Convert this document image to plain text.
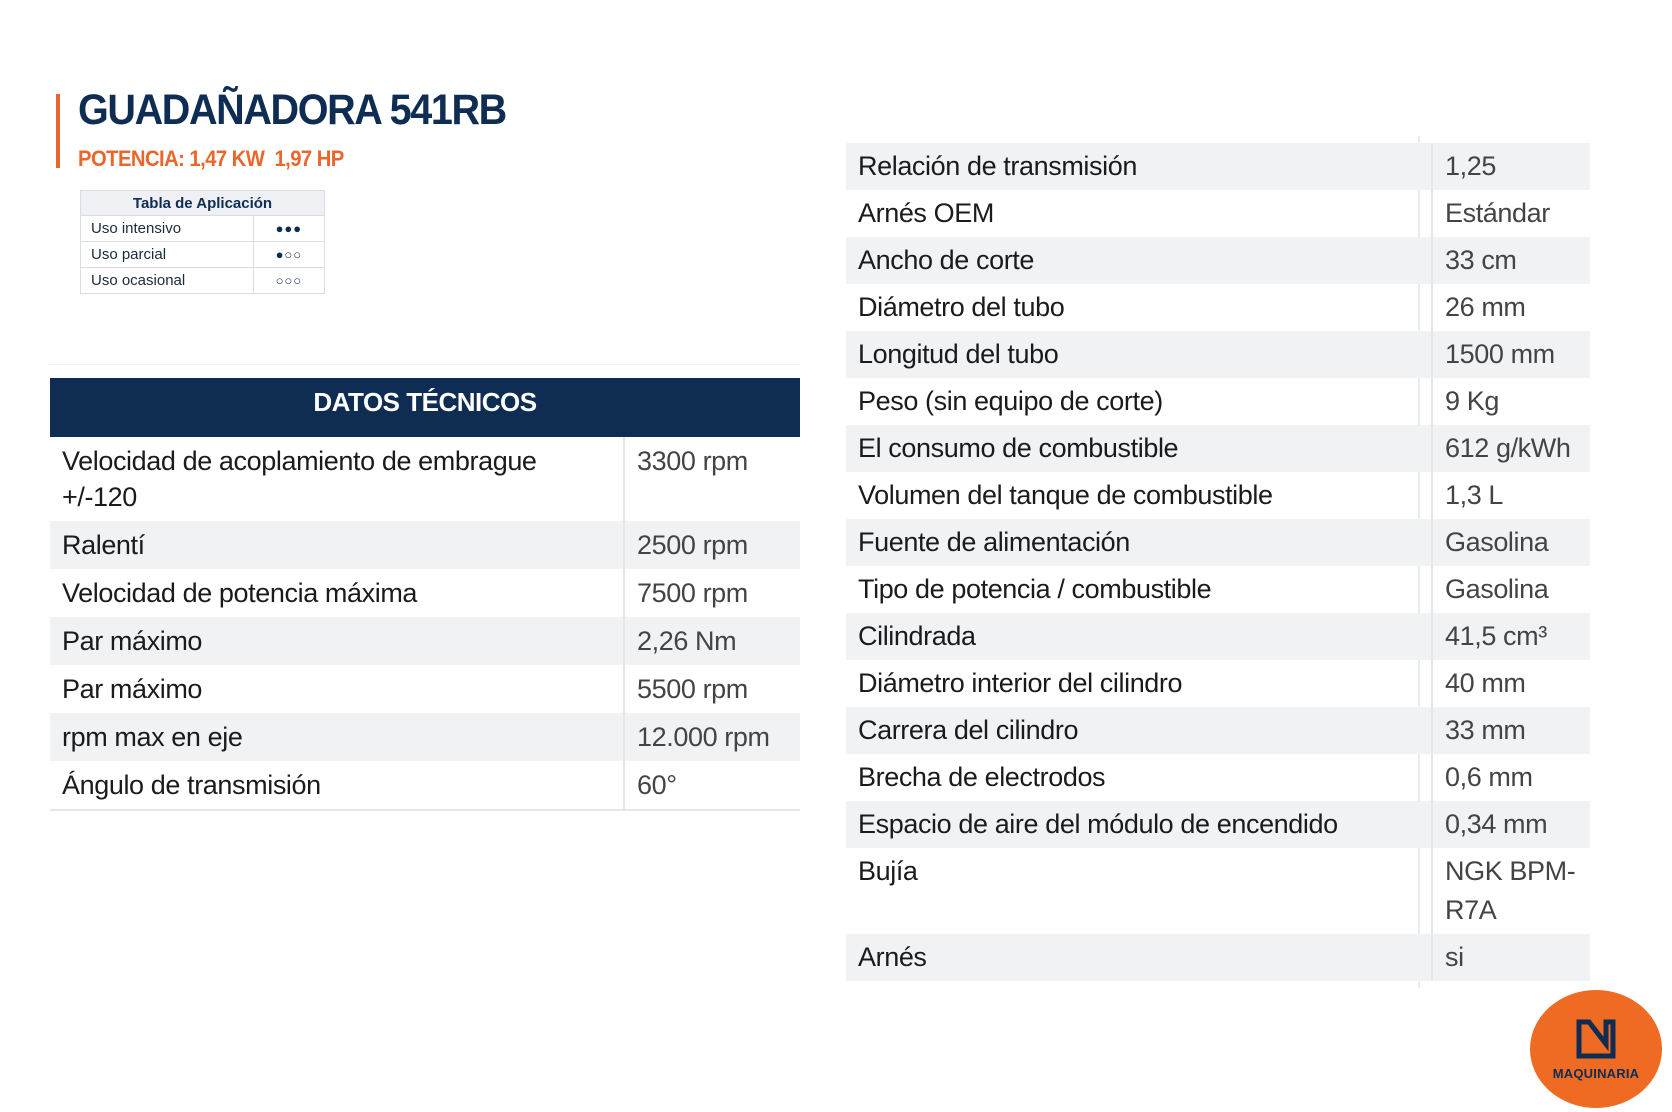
GUADAÑADORA 541RB
POTENCIA: 1,47 KW  1,97 HP
Tabla de Aplicación	
Uso intensivo	●●●
Uso parcial	●○○
Uso ocasional	○○○
DATOS TÉCNICOS	
Velocidad de acoplamiento de embrague +/-120	3300 rpm
Ralentí	2500 rpm
Velocidad de potencia máxima	7500 rpm
Par máximo	2,26 Nm
Par máximo	5500 rpm
rpm max en eje	12.000 rpm
Ángulo de transmisión	60°
Relación de transmisión	1,25
Arnés OEM	Estándar
Ancho de corte	33 cm
Diámetro del tubo	26 mm
Longitud del tubo	1500 mm
Peso (sin equipo de corte)	9 Kg
El consumo de combustible	612 g/kWh
Volumen del tanque de combustible	1,3 L
Fuente de alimentación	Gasolina
Tipo de potencia / combustible	Gasolina
Cilindrada	41,5 cm³
Diámetro interior del cilindro	40 mm
Carrera del cilindro	33 mm
Brecha de electrodos	0,6 mm
Espacio de aire del módulo de encendido	0,34 mm
Bujía	NGK BPM-R7A
Arnés	si
MAQUINARIA
